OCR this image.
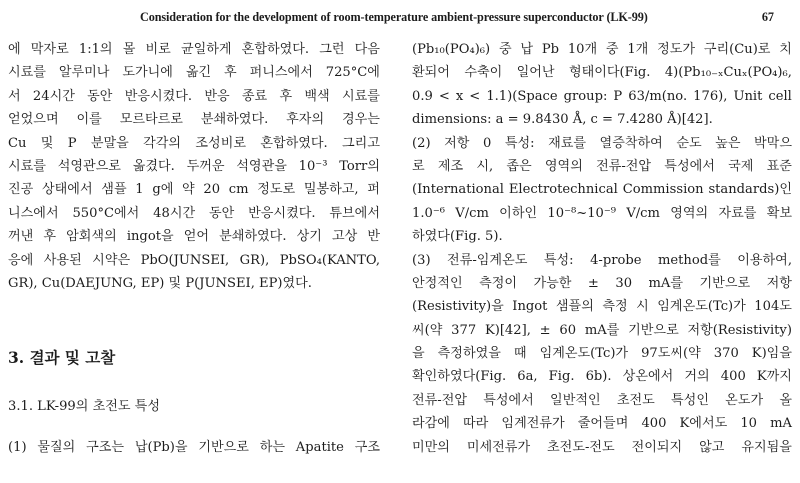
Consideration for the development of room-temperature ambient-pressure superconductor (LK-99)	67
에 막자로 1:1의 몰 비로 균일하게 혼합하였다. 그런 다음
시료를 알루미나 도가니에 옮긴 후 퍼니스에서 725°C에
서 24시간 동안 반응시켰다. 반응 종료 후 백색 시료를
얻었으며 이를 모르타르로 분쇄하였다. 후자의 경우는
Cu 및 P 분말을 각각의 조성비로 혼합하였다. 그리고
시료를 석영관으로 옮겼다. 두꺼운 석영관을 10⁻³ Torr의
진공 상태에서 샘플 1 g에 약 20 cm 정도로 밀봉하고, 퍼
니스에서 550°C에서 48시간 동안 반응시켰다. 튜브에서
꺼낸 후 암회색의 ingot을 얻어 분쇄하였다. 상기 고상 반
응에 사용된 시약은 PbO(JUNSEI, GR), PbSO₄(KANTO,
GR), Cu(DAEJUNG, EP) 및 P(JUNSEI, EP)였다.
3. 결과 및 고찰
3.1. LK-99의 초전도 특성
(1) 물질의 구조는 납(Pb)을 기반으로 하는 Apatite 구조
(Pb₁₀(PO₄)₆) 중 납 Pb 10개 중 1개 정도가 구리(Cu)로 치
환되어 수축이 일어난 형태이다(Fig. 4)(Pb₁₀₋ₓCuₓ(PO₄)₆,
0.9 < x < 1.1)(Space group: P 63/m(no. 176), Unit cell
dimensions: a = 9.8430 Å, c = 7.4280 Å)[42].
(2) 저항 0 특성: 재료를 열증착하여 순도 높은 박막으
로 제조 시, 좁은 영역의 전류-전압 특성에서 국제 표준
(International Electrotechnical Commission standards)인
1.0⁻⁶ V/cm 이하인 10⁻⁸~10⁻⁹ V/cm 영역의 자료를 확보
하였다(Fig. 5).
(3) 전류-임계온도 특성: 4-probe method를 이용하여,
안정적인 측정이 가능한 ± 30 mA를 기반으로 저항
(Resistivity)을 Ingot 샘플의 측정 시 임계온도(Tc)가 104도
씨(약 377 K)[42], ± 60 mA를 기반으로 저항(Resistivity)
을 측정하였을 때 임계온도(Tc)가 97도씨(약 370 K)임을
확인하였다(Fig. 6a, Fig. 6b). 상온에서 거의 400 K까지
전류-전압 특성에서 일반적인 초전도 특성인 온도가 올
라감에 따라 임계전류가 줄어들며 400 K에서도 10 mA
미만의 미세전류가 초전도-전도 전이되지 않고 유지됨을
